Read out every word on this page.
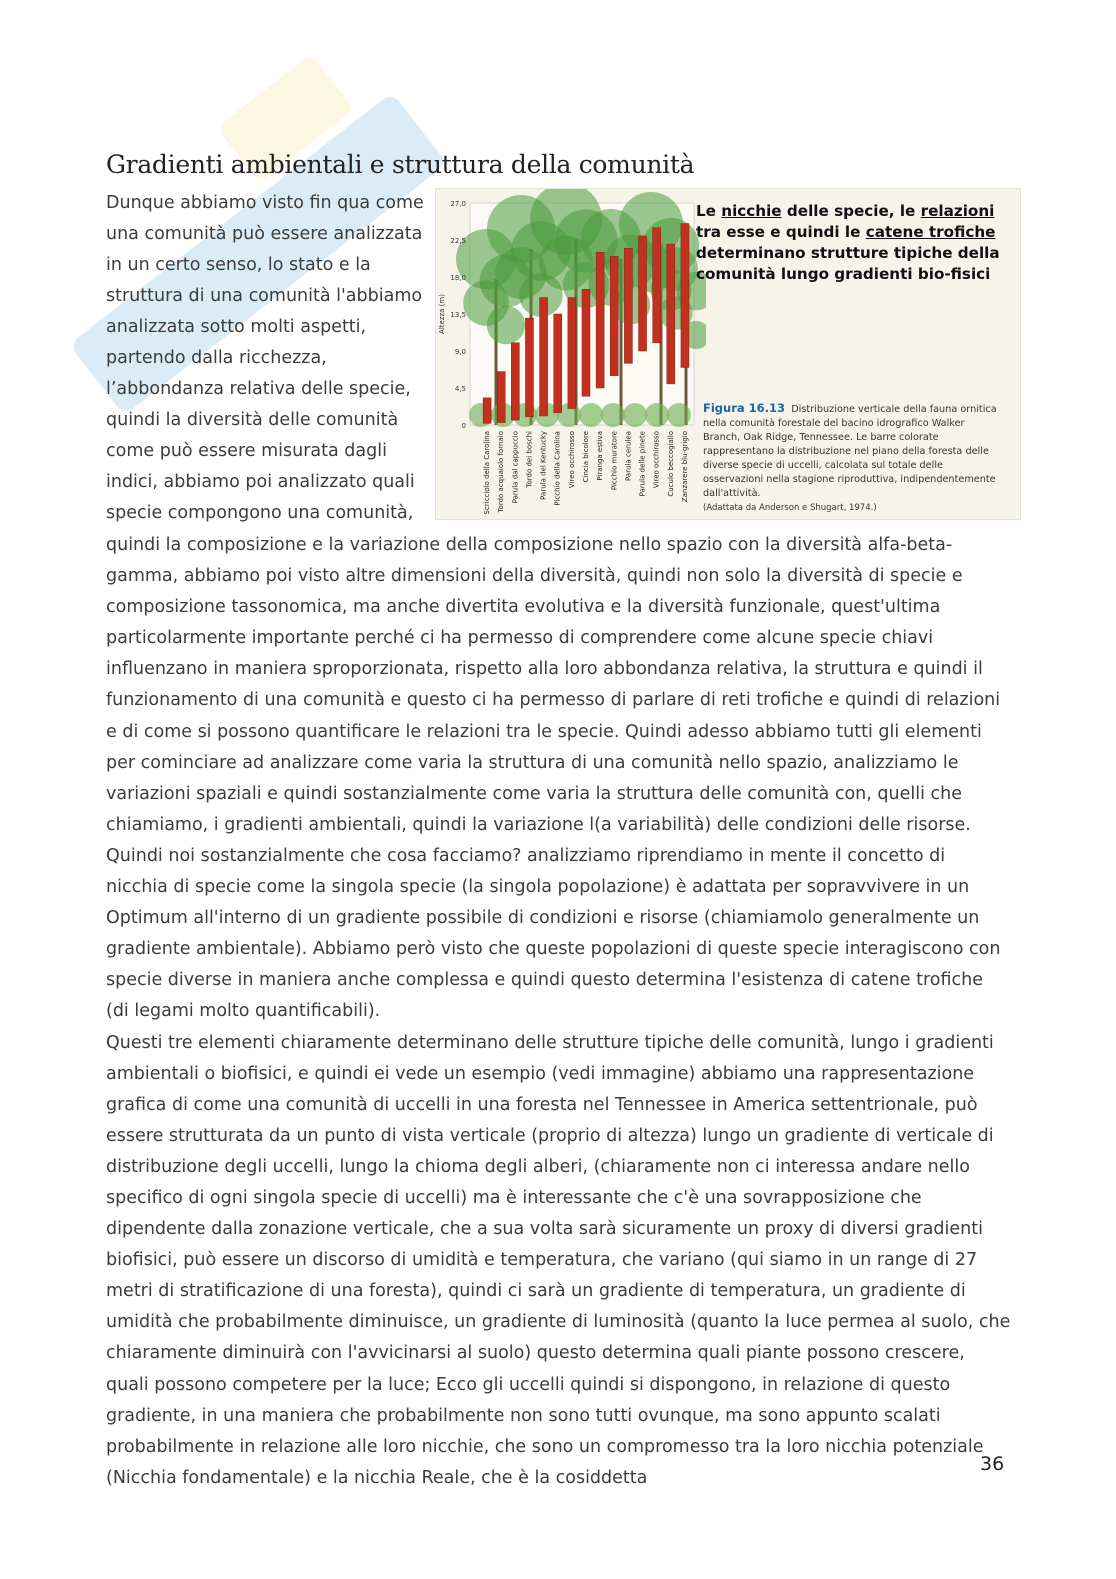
Gradienti ambientali e struttura della comunità

Dunque abbiamo visto fin qua come

una comunità può essere analizzata

in un certo senso, lo stato e la

struttura di una comunità l'abbiamo

analizzata sotto molti aspetti,

partendo dalla ricchezza,

l’abbondanza relativa delle specie,

quindi la diversità delle comunità

come può essere misurata dagli

indici, abbiamo poi analizzato quali

specie compongono una comunità,

27,0
22,5
18,0
13,5
9,0
4,5
0
Altezza (m)
Scricciolo della Carolina Tordo acquaiolo fornaio Parula dal cappuccio Tordo dei boschi Parula del Kentucky Picchio della Carolina Vireo occhirosso Cincia bicolore Piranga estiva Picchio muratore Parula cerulea Parula delle pinete Vireo occhirosso Cuculo beccogiallo Zanzarere blu-grigio

Le nicchie delle specie, le relazioni tra esse e quindi le catene trofiche determinano strutture tipiche della comunità lungo gradienti bio-fisici

Figura 16.13 Distribuzione verticale della fauna ornitica nella comunità forestale del bacino idrografico Walker Branch, Oak Ridge, Tennessee. Le barre colorate rappresentano la distribuzione nel piano della foresta delle diverse specie di uccelli, calcolata sul totale delle osservazioni nella stagione riproduttiva, indipendentemente dall'attività.
(Adattata da Anderson e Shugart, 1974.)

quindi la composizione e la variazione della composizione nello spazio con la diversità alfa-beta-gamma, abbiamo poi visto altre dimensioni della diversità, quindi non solo la diversità di specie e composizione tassonomica, ma anche divertita evolutiva e la diversità funzionale, quest'ultima particolarmente importante perché ci ha permesso di comprendere come alcune specie chiavi influenzano in maniera sproporzionata, rispetto alla loro abbondanza relativa, la struttura e quindi il funzionamento di una comunità e questo ci ha permesso di parlare di reti trofiche e quindi di relazioni e di come si possono quantificare le relazioni tra le specie. Quindi adesso abbiamo tutti gli elementi per cominciare ad analizzare come varia la struttura di una comunità nello spazio, analizziamo le variazioni spaziali e quindi sostanzialmente come varia la struttura delle comunità con, quelli che chiamiamo, i gradienti ambientali, quindi la variazione l(a variabilità) delle condizioni delle risorse. Quindi noi sostanzialmente che cosa facciamo? analizziamo riprendiamo in mente il concetto di nicchia di specie come la singola specie (la singola popolazione) è adattata per sopravvivere in un Optimum all'interno di un gradiente possibile di condizioni e risorse (chiamiamolo generalmente un gradiente ambientale). Abbiamo però visto che queste popolazioni di queste specie interagiscono con specie diverse in maniera anche complessa e quindi questo determina l'esistenza di catene trofiche (di legami molto quantificabili).

Questi tre elementi chiaramente determinano delle strutture tipiche delle comunità, lungo i gradienti ambientali o biofisici, e quindi ei vede un esempio (vedi immagine) abbiamo una rappresentazione grafica di come una comunità di uccelli in una foresta nel Tennessee in America settentrionale, può essere strutturata da un punto di vista verticale (proprio di altezza) lungo un gradiente di verticale di distribuzione degli uccelli, lungo la chioma degli alberi, (chiaramente non ci interessa andare nello specifico di ogni singola specie di uccelli) ma è interessante che c'è una sovrapposizione che dipendente dalla zonazione verticale, che a sua volta sarà sicuramente un proxy di diversi gradienti biofisici, può essere un discorso di umidità e temperatura, che variano (qui siamo in un range di 27 metri di stratificazione di una foresta), quindi ci sarà un gradiente di temperatura, un gradiente di umidità che probabilmente diminuisce, un gradiente di luminosità (quanto la luce permea al suolo, che chiaramente diminuirà con l'avvicinarsi al suolo) questo determina quali piante possono crescere, quali possono competere per la luce; Ecco gli uccelli quindi si dispongono, in relazione di questo gradiente, in una maniera che probabilmente non sono tutti ovunque, ma sono appunto scalati probabilmente in relazione alle loro nicchie, che sono un compromesso tra la loro nicchia potenziale (Nicchia fondamentale) e la nicchia Reale, che è la cosiddetta

36
